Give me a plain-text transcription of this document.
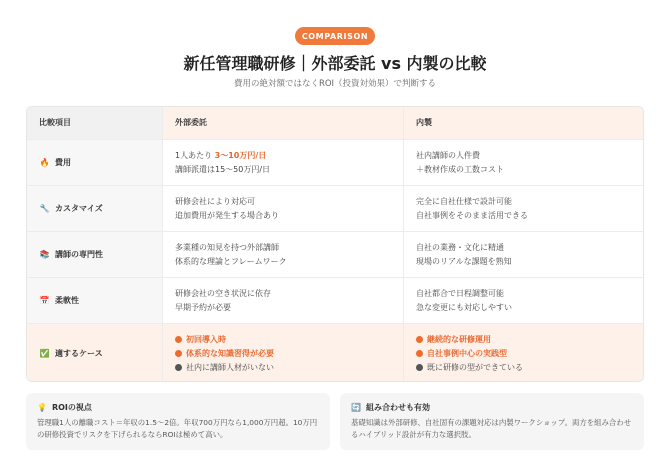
COMPARISON
新任管理職研修｜外部委託 vs 内製の比較
費用の絶対額ではなくROI（投資対効果）で判断する
比較項目	外部委託	内製
🔥 費用
1人あたり 3〜10万円/日
講師派遣は15〜50万円/日
社内講師の人件費
＋教材作成の工数コスト
🔧 カスタマイズ
研修会社により対応可
追加費用が発生する場合あり
完全に自社仕様で設計可能
自社事例をそのまま活用できる
📚 講師の専門性
多業種の知見を持つ外部講師
体系的な理論とフレームワーク
自社の業務・文化に精通
現場のリアルな課題を熟知
📅 柔軟性
研修会社の空き状況に依存
早期予約が必要
自社都合で日程調整可能
急な変更にも対応しやすい
✅ 適するケース
初回導入時
体系的な知識習得が必要
社内に講師人材がいない
継続的な研修運用
自社事例中心の実践型
既に研修の型ができている
💡 ROIの視点
管理職1人の離職コスト＝年収の1.5〜2倍。年収700万円なら1,000万円超。10万円の研修投資でリスクを下げられるならROIは極めて高い。
🔄 組み合わせも有効
基礎知識は外部研修、自社固有の課題対応は内製ワークショップ。両方を組み合わせるハイブリッド設計が有力な選択肢。
